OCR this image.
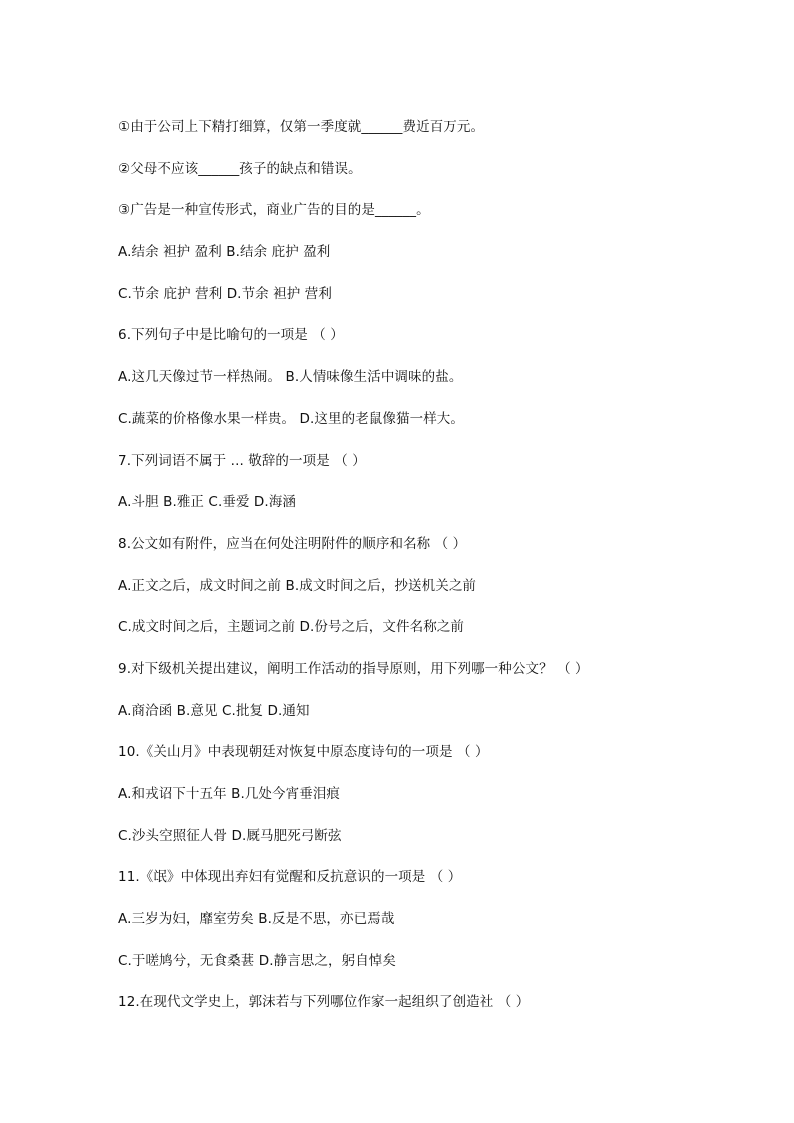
①由于公司上下精打细算，仅第一季度就______费近百万元。
②父母不应该______孩子的缺点和错误。
③广告是一种宣传形式，商业广告的目的是______。
A.结余 袒护 盈利 B.结余 庇护 盈利
C.节余 庇护 营利 D.节余 袒护 营利
6.下列句子中是比喻句的一项是 （ ）
A.这几天像过节一样热闹。 B.人情味像生活中调味的盐。
C.蔬菜的价格像水果一样贵。 D.这里的老鼠像猫一样大。
7.下列词语不属于 ... 敬辞的一项是 （ ）
A.斗胆 B.雅正 C.垂爱 D.海涵
8.公文如有附件，应当在何处注明附件的顺序和名称 （ ）
A.正文之后，成文时间之前 B.成文时间之后，抄送机关之前
C.成文时间之后，主题词之前 D.份号之后，文件名称之前
9.对下级机关提出建议，阐明工作活动的指导原则，用下列哪一种公文？ （ ）
A.商洽函 B.意见 C.批复 D.通知
10.《关山月》中表现朝廷对恢复中原态度诗句的一项是 （ ）
A.和戎诏下十五年 B.几处今宵垂泪痕
C.沙头空照征人骨 D.厩马肥死弓断弦
11.《氓》中体现出弃妇有觉醒和反抗意识的一项是 （ ）
A.三岁为妇，靡室劳矣 B.反是不思，亦已焉哉
C.于嗟鸠兮，无食桑葚 D.静言思之，躬自悼矣
12.在现代文学史上，郭沫若与下列哪位作家一起组织了创造社 （ ）
